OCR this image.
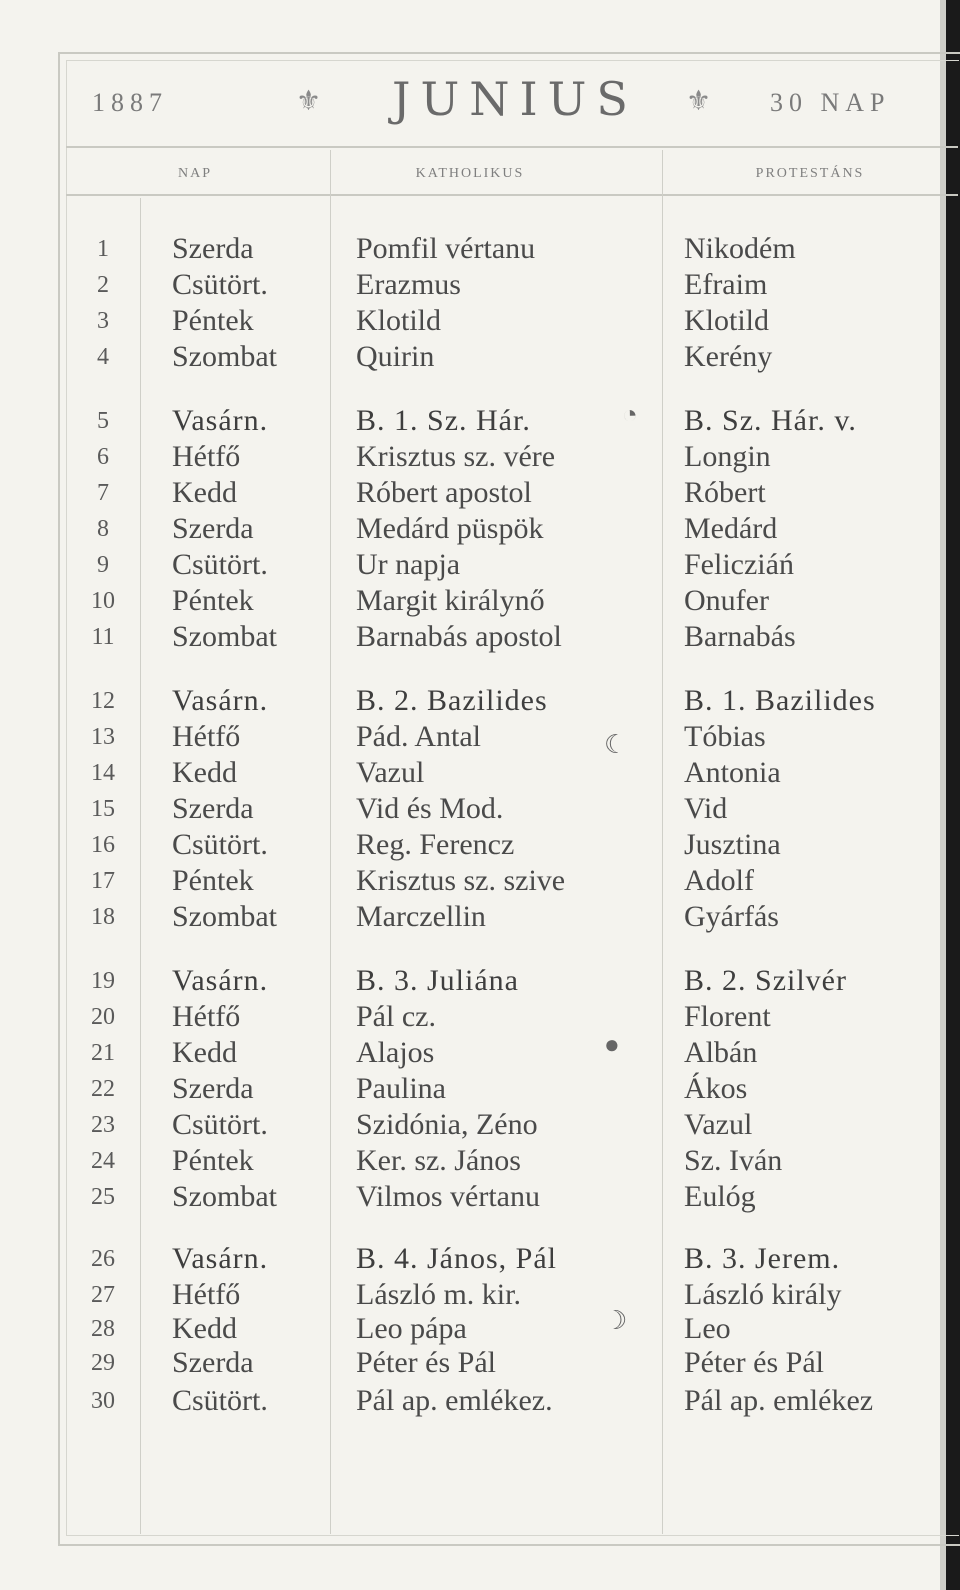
1887	⚜ JUNIUS ⚜ 30 NAP
NAP	KATHOLIKUS	PROTESTÁNS
1	Szerda	Pomfil vértanu	Nikodém
2	Csütört.	Erazmus	Efraim
3	Péntek	Klotild	Klotild
4	Szombat	Quirin	Kerény
5	Vasárn.	B. 1. Sz. Hár.	B. Sz. Hár. v.
6	Hétfő	Krisztus sz. vére	Longin
7	Kedd	Róbert apostol	Róbert
8	Szerda	Medárd püspök	Medárd
9	Csütört.	Ur napja	Felicziáń
10	Péntek	Margit királynő	Onufer
11	Szombat	Barnabás apostol	Barnabás
12	Vasárn.	B. 2. Bazilides	B. 1. Bazilides
13	Hétfő	Pád. Antal	Tóbias
14	Kedd	Vazul	Antonia
15	Szerda	Vid és Mod.	Vid
16	Csütört.	Reg. Ferencz	Jusztina
17	Péntek	Krisztus sz. szive	Adolf
18	Szombat	Marczellin	Gyárfás
19	Vasárn.	B. 3. Juliána	B. 2. Szilvér
20	Hétfő	Pál cz.	Florent
21	Kedd	Alajos	Albán
22	Szerda	Paulina	Ákos
23	Csütört.	Szidónia, Zéno	Vazul
24	Péntek	Ker. sz. János	Sz. Iván
25	Szombat	Vilmos vértanu	Eulóg
26	Vasárn.	B. 4. János, Pál	B. 3. Jerem.
27	Hétfő	László m. kir.	László király
28	Kedd	Leo pápa	Leo
29	Szerda	Péter és Pál	Péter és Pál
30	Csütört.	Pál ap. emlékez.	Pál ap. emlékez
◔
☾
●
☽
